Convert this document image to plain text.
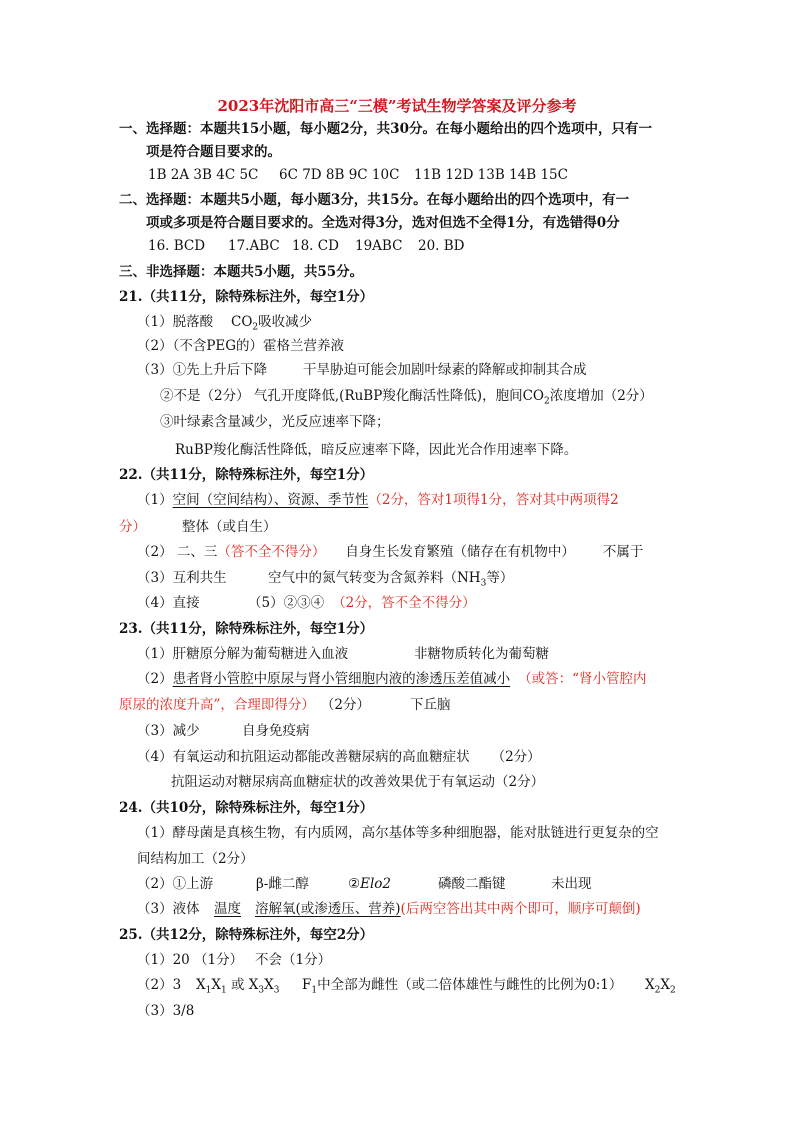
2023年沈阳市高三“三模”考试生物学答案及评分参考
一、选择题：本题共15小题，每小题2分，共30分。在每小题给出的四个选项中，只有一
项是符合题目要求的。
1B 2A 3B 4C 5C 6C 7D 8B 9C 10C 11B 12D 13B 14B 15C
二、选择题：本题共5小题，每小题3分，共15分。在每小题给出的四个选项中，有一
项或多项是符合题目要求的。全选对得3分，选对但选不全得1分，有选错得0分
16. BCD 17.ABC 18. CD 19ABC 20. BD
三、非选择题：本题共5小题，共55分。
21.（共11分，除特殊标注外，每空1分）
（1）脱落酸 $CO_2$吸收减少
（2）（不含PEG的）霍格兰营养液
（3）①先上升后下降	干旱胁迫可能会加剧叶绿素的降解或抑制其合成
②不是（2分） 气孔开度降低,(RuBP羧化酶活性降低)，胞间$CO_2$浓度增加（2分）
③叶绿素含量减少，光反应速率下降；
RuBP羧化酶活性降低，暗反应速率下降，因此光合作用速率下降。
22.（共11分，除特殊标注外，每空1分）
（1）空间（空间结构）、资源、季节性（2分，答对1项得1分，答对其中两项得2
分）	整体（或自生）
（2） 二、三（答不全不得分） 自身生长发育繁殖（储存在有机物中） 不属于
（3）互利共生	空气中的氮气转变为含氮养料（$NH_3$等）
（4）直接	（5）②③④ （2分，答不全不得分）
23.（共11分，除特殊标注外，每空1分）
（1）肝糖原分解为葡萄糖进入血液	非糖物质转化为葡萄糖
（2）患者肾小管腔中原尿与肾小管细胞内液的渗透压差值减小 （或答：“肾小管腔内
原尿的浓度升高”，合理即得分） （2分）	下丘脑
（3）减少	自身免疫病
（4）有氧运动和抗阻运动都能改善糖尿病的高血糖症状 （2分）
抗阻运动对糖尿病高血糖症状的改善效果优于有氧运动（2分）
24.（共10分，除特殊标注外，每空1分）
（1）酵母菌是真核生物，有内质网，高尔基体等多种细胞器，能对肽链进行更复杂的空
间结构加工（2分）
（2）①上游	β-雌二醇	②Elo2	磷酸二酯键	未出现
（3）液体 温度 溶解氧(或渗透压、营养)(后两空答出其中两个即可，顺序可颠倒)
25.（共12分，除特殊标注外，每空2分）
（1）20 （1分） 不会（1分）
（2）3 $X_1X_1$ 或 $X_3X_3$ $F_1$中全部为雌性（或二倍体雄性与雌性的比例为0:1） $X_2X_2$
（3）3/8
